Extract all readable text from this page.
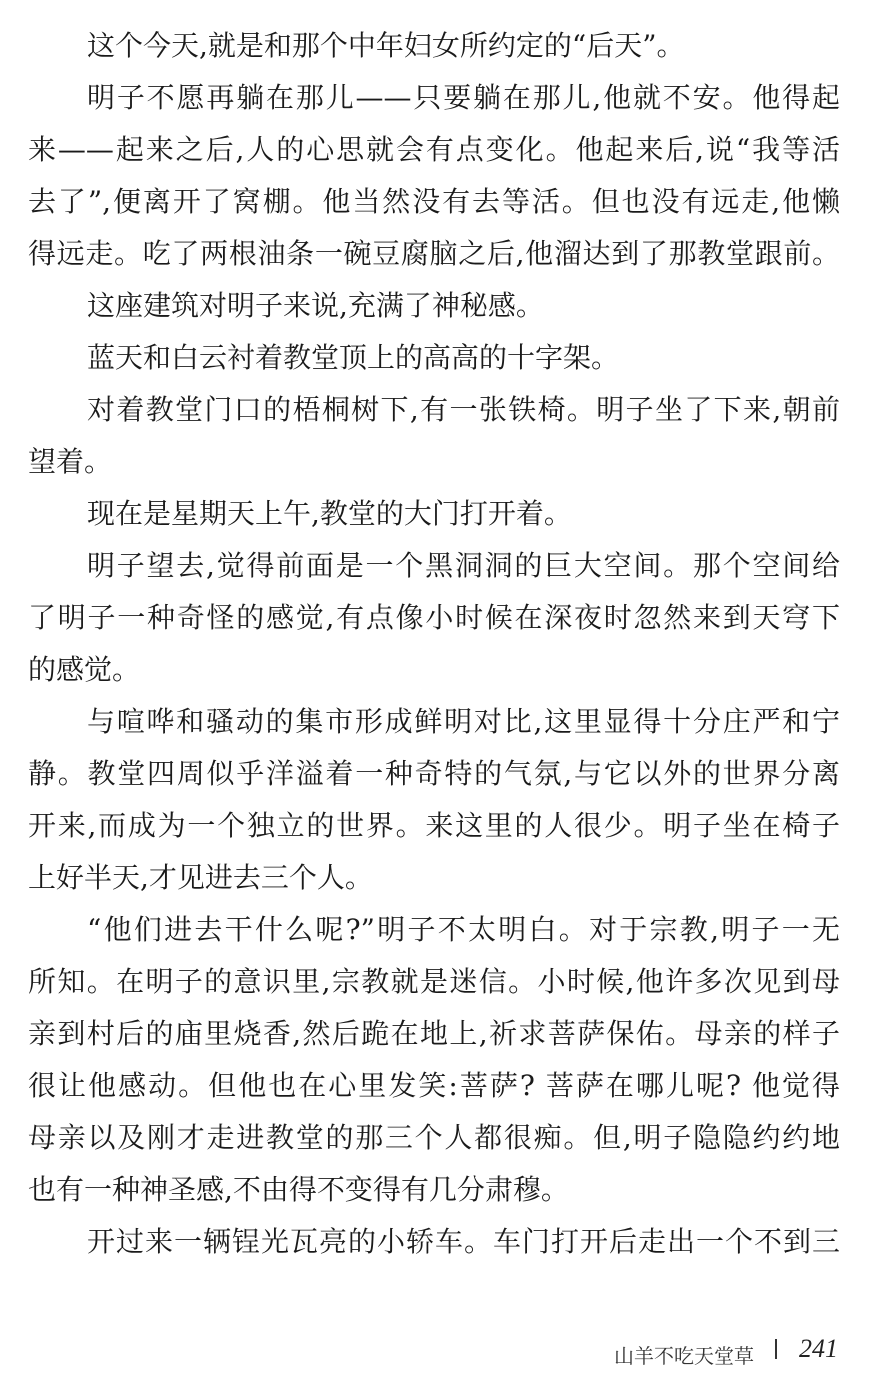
这个今天,就是和那个中年妇女所约定的“后天”。
明子不愿再躺在那儿——只要躺在那儿,他就不安。他得起
来——起来之后,人的心思就会有点变化。他起来后,说“我等活
去了”,便离开了窝棚。他当然没有去等活。但也没有远走,他懒
得远走。吃了两根油条一碗豆腐脑之后,他溜达到了那教堂跟前。
这座建筑对明子来说,充满了神秘感。
蓝天和白云衬着教堂顶上的高高的十字架。
对着教堂门口的梧桐树下,有一张铁椅。明子坐了下来,朝前
望着。
现在是星期天上午,教堂的大门打开着。
明子望去,觉得前面是一个黑洞洞的巨大空间。那个空间给
了明子一种奇怪的感觉,有点像小时候在深夜时忽然来到天穹下
的感觉。
与喧哗和骚动的集市形成鲜明对比,这里显得十分庄严和宁
静。教堂四周似乎洋溢着一种奇特的气氛,与它以外的世界分离
开来,而成为一个独立的世界。来这里的人很少。明子坐在椅子
上好半天,才见进去三个人。
“他们进去干什么呢?”明子不太明白。对于宗教,明子一无
所知。在明子的意识里,宗教就是迷信。小时候,他许多次见到母
亲到村后的庙里烧香,然后跪在地上,祈求菩萨保佑。母亲的样子
很让他感动。但他也在心里发笑:菩萨? 菩萨在哪儿呢? 他觉得
母亲以及刚才走进教堂的那三个人都很痴。但,明子隐隐约约地
也有一种神圣感,不由得不变得有几分肃穆。
开过来一辆锃光瓦亮的小轿车。车门打开后走出一个不到三
山羊不吃天堂草 241
